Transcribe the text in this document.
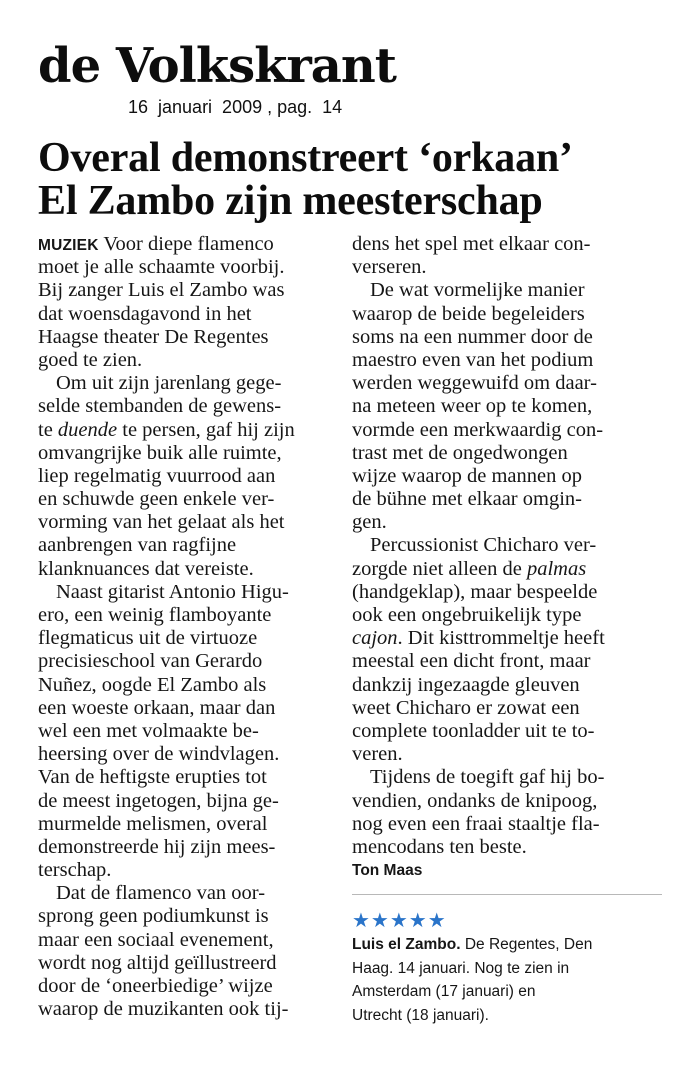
de Volkskrant
16  januari  2009 , pag.  14
Overal demonstreert ‘orkaan’
El Zambo zijn meesterschap
MUZIEK Voor diepe flamenco
moet je alle schaamte voorbij.
Bij zanger Luis el Zambo was
dat woensdagavond in het
Haagse theater De Regentes
goed te zien.
Om uit zijn jarenlang gege-
selde stembanden de gewens-
te duende te persen, gaf hij zijn
omvangrijke buik alle ruimte,
liep regelmatig vuurrood aan
en schuwde geen enkele ver-
vorming van het gelaat als het
aanbrengen van ragfijne
klanknuances dat vereiste.
Naast gitarist Antonio Higu-
ero, een weinig flamboyante
flegmaticus uit de virtuoze
precisieschool van Gerardo
Nuñez, oogde El Zambo als
een woeste orkaan, maar dan
wel een met volmaakte be-
heersing over de windvlagen.
Van de heftigste erupties tot
de meest ingetogen, bijna ge-
murmelde melismen, overal
demonstreerde hij zijn mees-
terschap.
Dat de flamenco van oor-
sprong geen podiumkunst is
maar een sociaal evenement,
wordt nog altijd geïllustreerd
door de ‘oneerbiedige’ wijze
waarop de muzikanten ook tij-
dens het spel met elkaar con-
verseren.
De wat vormelijke manier
waarop de beide begeleiders
soms na een nummer door de
maestro even van het podium
werden weggewuifd om daar-
na meteen weer op te komen,
vormde een merkwaardig con-
trast met de ongedwongen
wijze waarop de mannen op
de bühne met elkaar omgin-
gen.
Percussionist Chicharo ver-
zorgde niet alleen de palmas
(handgeklap), maar bespeelde
ook een ongebruikelijk type
cajon. Dit kisttrommeltje heeft
meestal een dicht front, maar
dankzij ingezaagde gleuven
weet Chicharo er zowat een
complete toonladder uit te to-
veren.
Tijdens de toegift gaf hij bo-
vendien, ondanks de knipoog,
nog even een fraai staaltje fla-
mencodans ten beste.
Ton Maas
★★★★★
Luis el Zambo. De Regentes, Den
Haag. 14 januari. Nog te zien in
Amsterdam (17 januari) en
Utrecht (18 januari).
